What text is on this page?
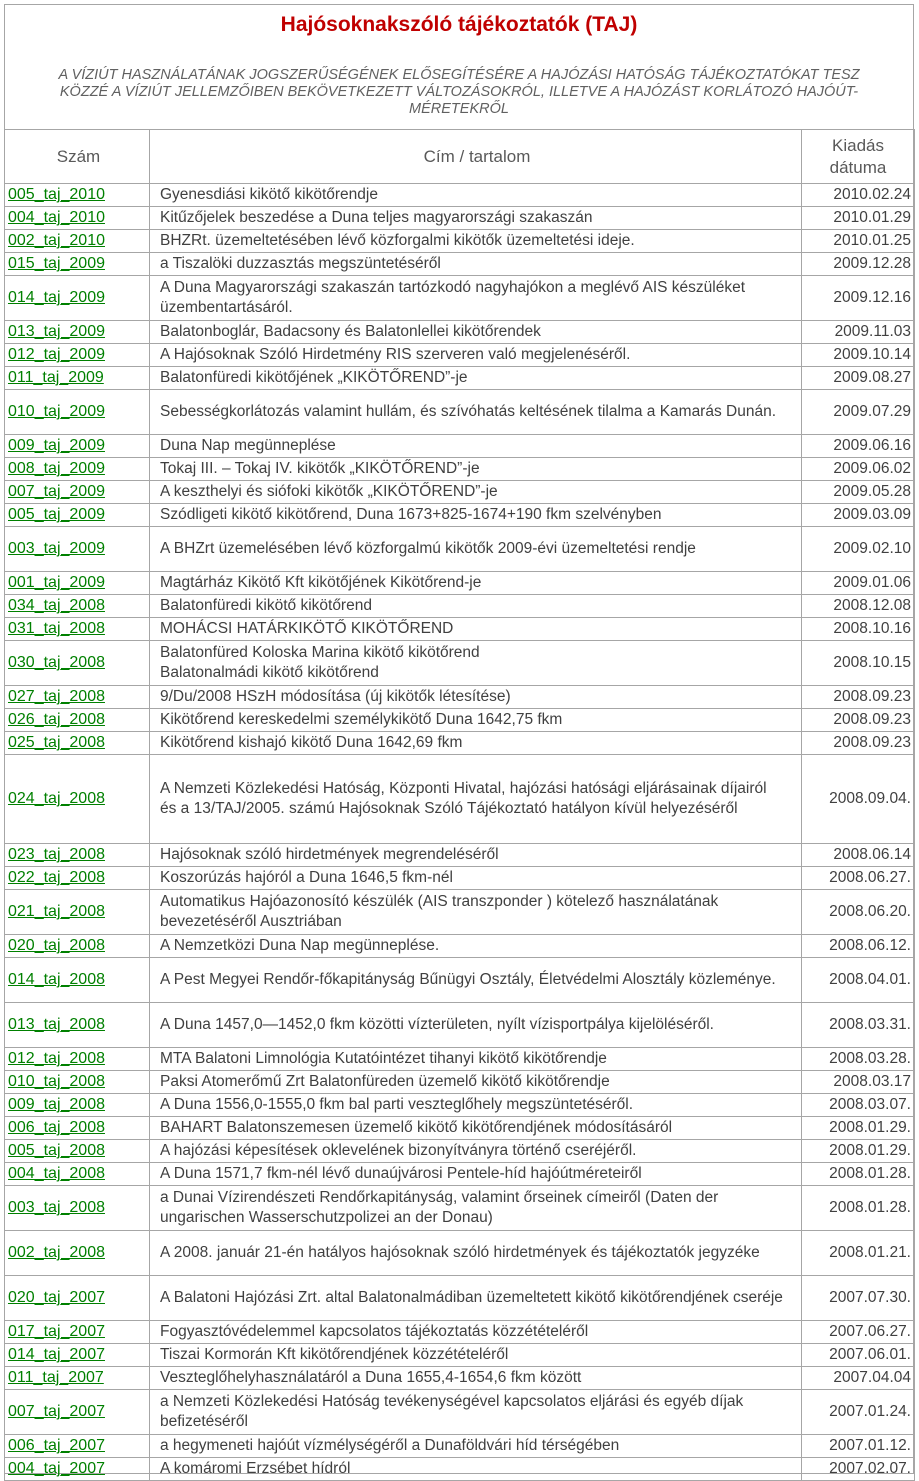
Hajósoknakszóló tájékoztatók (TAJ)
A VÍZIÚT HASZNÁLATÁNAK JOGSZERŰSÉGÉNEK ELŐSEGÍTÉSÉRE A HAJÓZÁSI HATÓSÁG TÁJÉKOZTATÓKAT TESZ KÖZZÉ A VÍZIÚT JELLEMZŐIBEN BEKÖVETKEZETT VÁLTOZÁSOKRÓL, ILLETVE A HAJÓZÁST KORLÁTOZÓ HAJÓÚT-MÉRETEKRŐL
Szám	Cím / tartalom	Kiadás
dátuma
005_taj_2010	Gyenesdiási kikötő kikötőrendje	2010.02.24
004_taj_2010	Kitűzőjelek beszedése a Duna teljes magyarországi szakaszán	2010.01.29
002_taj_2010	BHZRt. üzemeltetésében lévő közforgalmi kikötők üzemeltetési ideje.	2010.01.25
015_taj_2009	a Tiszalöki duzzasztás megszüntetéséről	2009.12.28
014_taj_2009	A Duna Magyarországi szakaszán tartózkodó nagyhajókon a meglévő AIS készüléket üzembentartásáról.	2009.12.16
013_taj_2009	Balatonboglár, Badacsony és Balatonlellei kikötőrendek	2009.11.03
012_taj_2009	A Hajósoknak Szóló Hirdetmény RIS szerveren való megjelenéséről.	2009.10.14
011_taj_2009	Balatonfüredi kikötőjének „KIKÖTŐREND”-je	2009.08.27
010_taj_2009	Sebességkorlátozás valamint hullám, és szívóhatás keltésének tilalma a Kamarás Dunán.	2009.07.29
009_taj_2009	Duna Nap megünneplése	2009.06.16
008_taj_2009	Tokaj III. – Tokaj IV. kikötők „KIKÖTŐREND”-je	2009.06.02
007_taj_2009	A keszthelyi és siófoki kikötők „KIKÖTŐREND”-je	2009.05.28
005_taj_2009	Szódligeti kikötő kikötőrend, Duna 1673+825-1674+190 fkm szelvényben	2009.03.09
003_taj_2009	A BHZrt üzemelésében lévő közforgalmú kikötők 2009-évi üzemeltetési rendje	2009.02.10
001_taj_2009	Magtárház Kikötő Kft kikötőjének Kikötőrend-je	2009.01.06
034_taj_2008	Balatonfüredi kikötő kikötőrend	2008.12.08
031_taj_2008	MOHÁCSI HATÁRKIKÖTŐ KIKÖTŐREND	2008.10.16
030_taj_2008	Balatonfüred Koloska Marina kikötő kikötőrend
Balatonalmádi kikötő kikötőrend	2008.10.15
027_taj_2008	9/Du/2008 HSzH módosítása (új kikötők létesítése)	2008.09.23
026_taj_2008	Kikötőrend kereskedelmi személykikötő Duna 1642,75 fkm	2008.09.23
025_taj_2008	Kikötőrend kishajó kikötő Duna 1642,69 fkm	2008.09.23
024_taj_2008	A Nemzeti Közlekedési Hatóság, Központi Hivatal, hajózási hatósági eljárásainak díjairól
és a 13/TAJ/2005. számú Hajósoknak Szóló Tájékoztató hatályon kívül helyezéséről	2008.09.04.
023_taj_2008	Hajósoknak szóló hirdetmények megrendeléséről	2008.06.14
022_taj_2008	Koszorúzás hajóról a Duna 1646,5 fkm-nél	2008.06.27.
021_taj_2008	Automatikus Hajóazonosító készülék (AIS transzponder ) kötelező használatának bevezetéséről Ausztriában	2008.06.20.
020_taj_2008	A Nemzetközi Duna Nap megünneplése.	2008.06.12.
014_taj_2008	A Pest Megyei Rendőr-főkapitányság Bűnügyi Osztály, Életvédelmi Alosztály közleménye.	2008.04.01.
013_taj_2008	A Duna 1457,0—1452,0 fkm közötti vízterületen, nyílt vízisportpálya kijelöléséről.	2008.03.31.
012_taj_2008	MTA Balatoni Limnológia Kutatóintézet tihanyi kikötő kikötőrendje	2008.03.28.
010_taj_2008	Paksi Atomerőmű Zrt Balatonfüreden üzemelő kikötő kikötőrendje	2008.03.17
009_taj_2008	A Duna 1556,0-1555,0 fkm bal parti veszteglőhely megszüntetéséről.	2008.03.07.
006_taj_2008	BAHART Balatonszemesen üzemelő kikötő kikötőrendjének módosításáról	2008.01.29.
005_taj_2008	A hajózási képesítések oklevelének bizonyítványra történő cseréjéről.	2008.01.29.
004_taj_2008	A Duna 1571,7 fkm-nél lévő dunaújvárosi Pentele-híd hajóútméreteiről	2008.01.28.
003_taj_2008	a Dunai Vízirendészeti Rendőrkapitányság, valamint őrseinek címeiről (Daten der ungarischen Wasserschutzpolizei an der Donau)	2008.01.28.
002_taj_2008	A 2008. január 21-én hatályos hajósoknak szóló hirdetmények és tájékoztatók jegyzéke	2008.01.21.
020_taj_2007	A Balatoni Hajózási Zrt. altal Balatonalmádiban üzemeltetett kikötő kikötőrendjének cseréje	2007.07.30.
017_taj_2007	Fogyasztóvédelemmel kapcsolatos tájékoztatás közzétételéről	2007.06.27.
014_taj_2007	Tiszai Kormorán Kft kikötőrendjének közzétételéről	2007.06.01.
011_taj_2007	Veszteglőhelyhasználatáról a Duna 1655,4-1654,6 fkm között	2007.04.04
007_taj_2007	a Nemzeti Közlekedési Hatóság tevékenységével kapcsolatos eljárási és egyéb díjak befizetéséről	2007.01.24.
006_taj_2007	a hegymeneti hajóút vízmélységéről a Dunaföldvári híd térségében	2007.01.12.
004_taj_2007	A komáromi Erzsébet hídról	2007.02.07.
